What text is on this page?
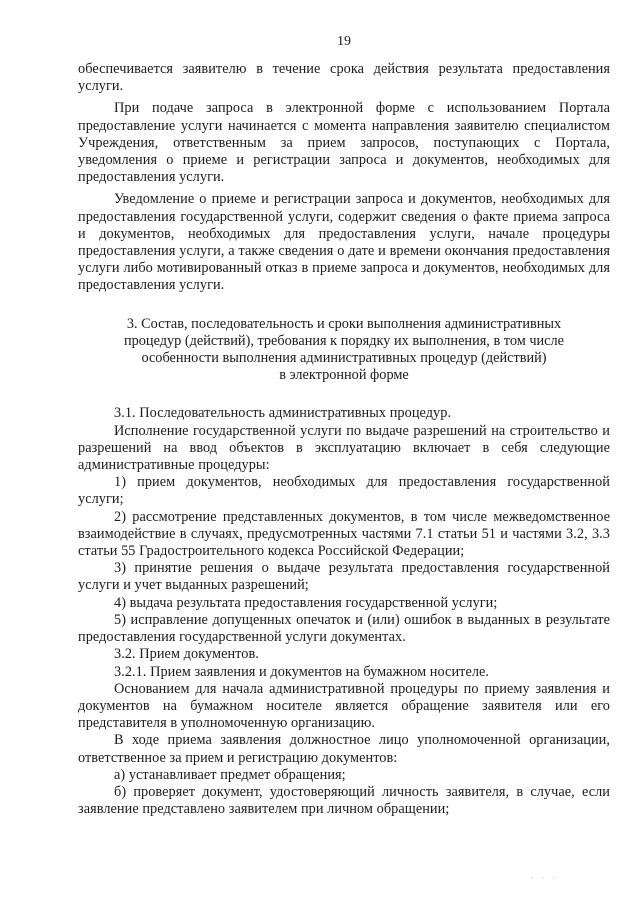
19

обеспечивается заявителю в течение срока действия результата предоставления услуги.

При подаче запроса в электронной форме с использованием Портала предоставление услуги начинается с момента направления заявителю специалистом Учреждения, ответственным за прием запросов, поступающих с Портала, уведомления о приеме и регистрации запроса и документов, необходимых для предоставления услуги.

Уведомление о приеме и регистрации запроса и документов, необходимых для предоставления государственной услуги, содержит сведения о факте приема запроса и документов, необходимых для предоставления услуги, начале процедуры предоставления услуги, а также сведения о дате и времени окончания предоставления услуги либо мотивированный отказ в приеме запроса и документов, необходимых для предоставления услуги.

3. Состав, последовательность и сроки выполнения административных
процедур (действий), требования к порядку их выполнения, в том числе
особенности выполнения административных процедур (действий)
в электронной форме

3.1. Последовательность административных процедур.

Исполнение государственной услуги по выдаче разрешений на строительство и разрешений на ввод объектов в эксплуатацию включает в себя следующие административные процедуры:

1) прием документов, необходимых для предоставления государственной услуги;

2) рассмотрение представленных документов, в том числе межведомственное взаимодействие в случаях, предусмотренных частями 7.1 статьи 51 и частями 3.2, 3.3 статьи 55 Градостроительного кодекса Российской Федерации;

3) принятие решения о выдаче результата предоставления государственной услуги и учет выданных разрешений;

4) выдача результата предоставления государственной услуги;

5) исправление допущенных опечаток и (или) ошибок в выданных в результате предоставления государственной услуги документах.

3.2. Прием документов.

3.2.1. Прием заявления и документов на бумажном носителе.

Основанием для начала административной процедуры по приему заявления и документов на бумажном носителе является обращение заявителя или его представителя в уполномоченную организацию.

В ходе приема заявления должностное лицо уполномоченной организации, ответственное за прием и регистрацию документов:

а) устанавливает предмет обращения;

б) проверяет документ, удостоверяющий личность заявителя, в случае, если заявление представлено заявителем при личном обращении;

· · ·
